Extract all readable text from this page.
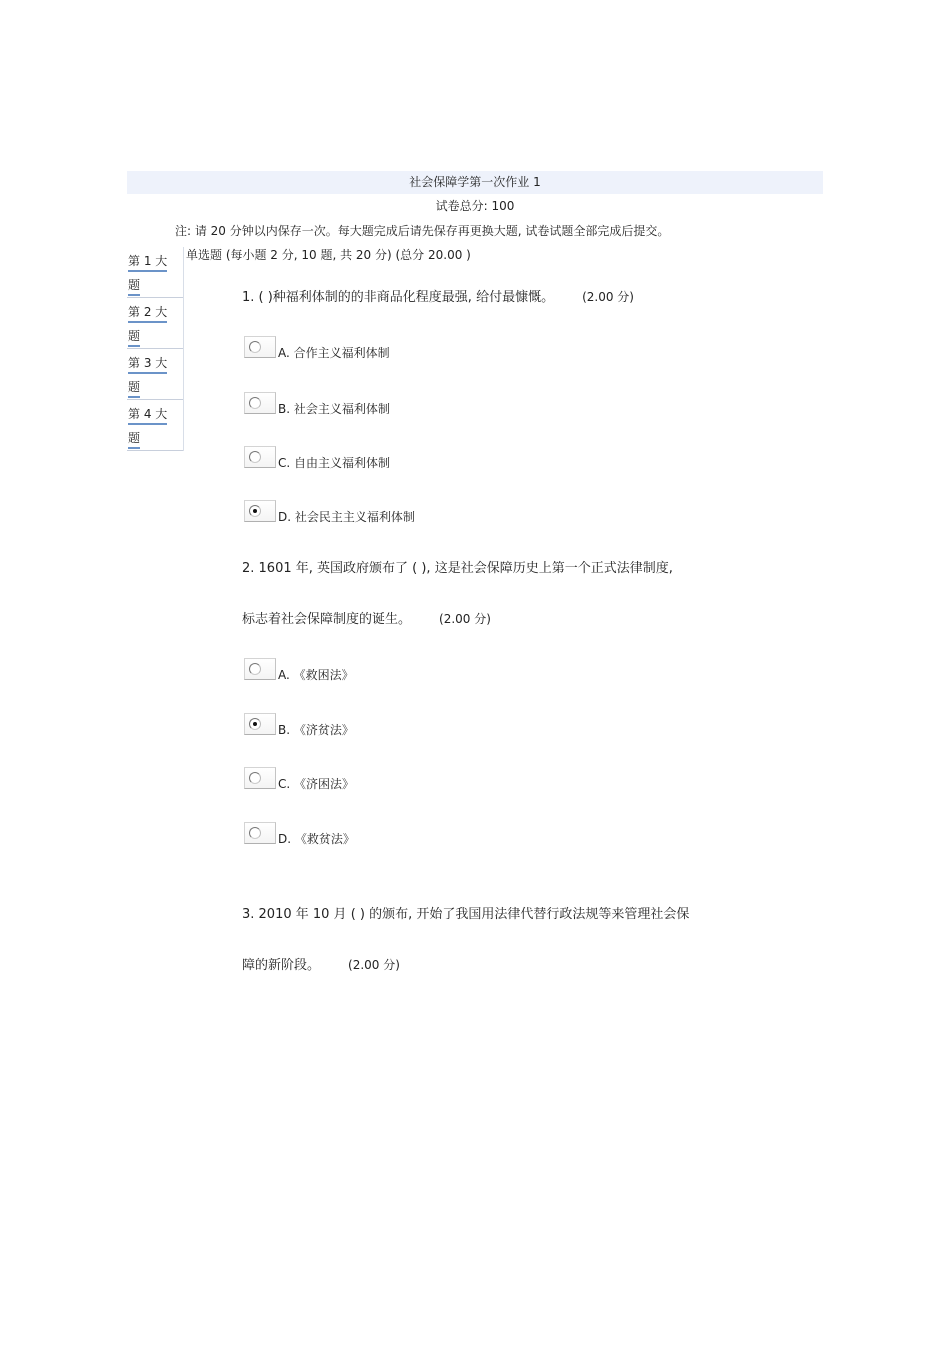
社会保障学第一次作业 1
试卷总分: 100
注: 请 20 分钟以内保存一次。每大题完成后请先保存再更换大题, 试卷试题全部完成后提交。
第 1 大
题
第 2 大
题
第 3 大
题
第 4 大
题
单选题 (每小题 2 分, 10 题, 共 20 分) (总分 20.00 )
1. ( )种福利体制的的非商品化程度最强, 给付最慷慨。 (2.00 分)
A. 合作主义福利体制
B. 社会主义福利体制
C. 自由主义福利体制
D. 社会民主主义福利体制
2. 1601 年, 英国政府颁布了 ( ), 这是社会保障历史上第一个正式法律制度,
标志着社会保障制度的诞生。 (2.00 分)
A. 《救困法》
B. 《济贫法》
C. 《济困法》
D. 《救贫法》
3. 2010 年 10 月 ( ) 的颁布, 开始了我国用法律代替行政法规等来管理社会保
障的新阶段。 (2.00 分)
